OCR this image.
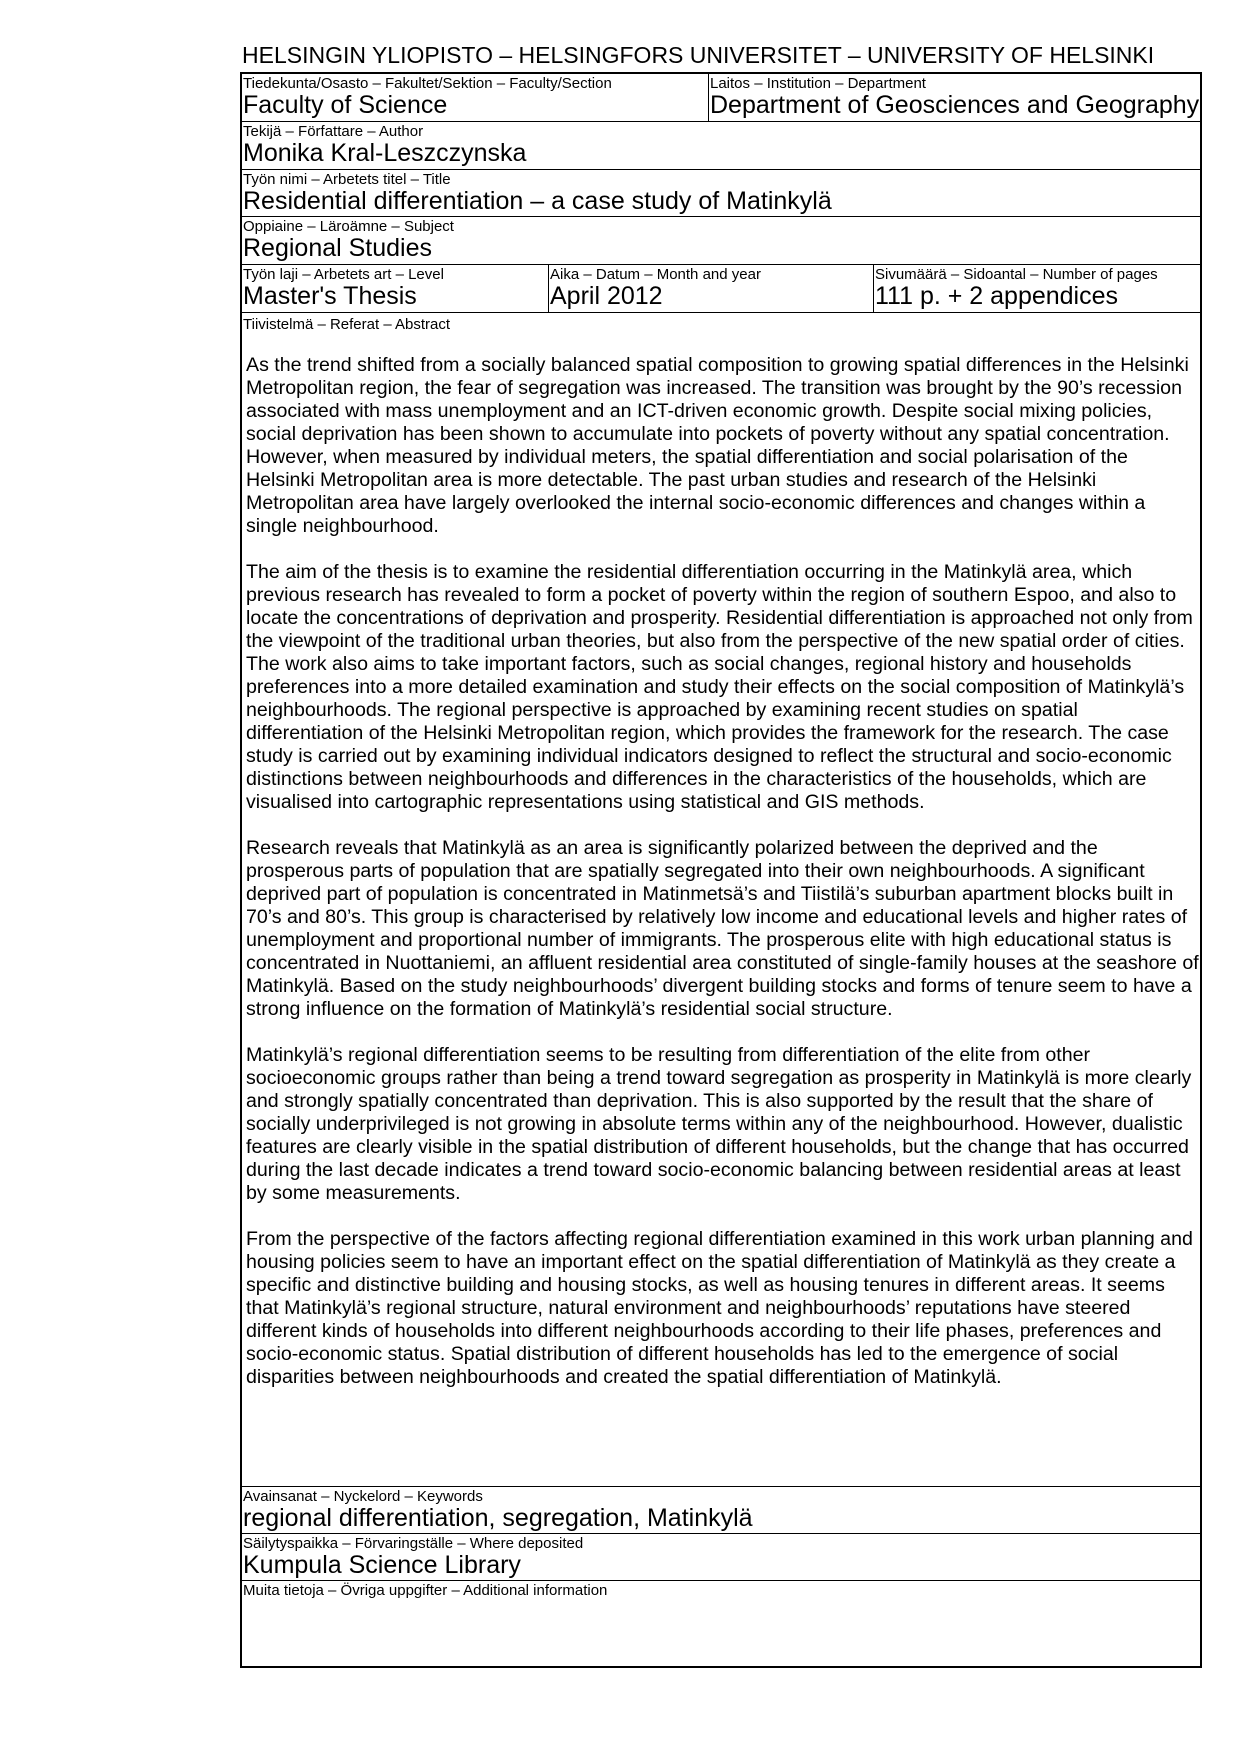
HELSINGIN YLIOPISTO – HELSINGFORS UNIVERSITET – UNIVERSITY OF HELSINKI
Tiedekunta/Osasto – Fakultet/Sektion – Faculty/Section
Faculty of Science
Laitos – Institution – Department
Department of Geosciences and Geography
Tekijä – Författare – Author
Monika Kral-Leszczynska
Työn nimi – Arbetets titel – Title
Residential differentiation – a case study of Matinkylä
Oppiaine – Läroämne – Subject
Regional Studies
Työn laji – Arbetets art – Level
Master's Thesis
Aika – Datum – Month and year
April 2012
Sivumäärä – Sidoantal – Number of pages
111 p. + 2 appendices
Tiivistelmä – Referat – Abstract

As the trend shifted from a socially balanced spatial composition to growing spatial differences in the Helsinki Metropolitan region, the fear of segregation was increased. The transition was brought by the 90’s recession associated with mass unemployment and an ICT-driven economic growth. Despite social mixing policies, social deprivation has been shown to accumulate into pockets of poverty without any spatial concentration. However, when measured by individual meters, the spatial differentiation and social polarisation of the Helsinki Metropolitan area is more detectable. The past urban studies and research of the Helsinki Metropolitan area have largely overlooked the internal socio-economic differences and changes within a single neighbourhood.

The aim of the thesis is to examine the residential differentiation occurring in the Matinkylä area, which previous research has revealed to form a pocket of poverty within the region of southern Espoo, and also to locate the concentrations of deprivation and prosperity. Residential differentiation is approached not only from the viewpoint of the traditional urban theories, but also from the perspective of the new spatial order of cities. The work also aims to take important factors, such as social changes, regional history and households preferences into a more detailed examination and study their effects on the social composition of Matinkylä’s neighbourhoods. The regional perspective is approached by examining recent studies on spatial differentiation of the Helsinki Metropolitan region, which provides the framework for the research. The case study is carried out by examining individual indicators designed to reflect the structural and socio-economic distinctions between neighbourhoods and differences in the characteristics of the households, which are visualised into cartographic representations using statistical and GIS methods.

Research reveals that Matinkylä as an area is significantly polarized between the deprived and the prosperous parts of population that are spatially segregated into their own neighbourhoods. A significant deprived part of population is concentrated in Matinmetsä’s and Tiistilä’s suburban apartment blocks built in 70’s and 80’s. This group is characterised by relatively low income and educational levels and higher rates of unemployment and proportional number of immigrants. The prosperous elite with high educational status is concentrated in Nuottaniemi, an affluent residential area constituted of single-family houses at the seashore of Matinkylä. Based on the study neighbourhoods’ divergent building stocks and forms of tenure seem to have a strong influence on the formation of Matinkylä’s residential social structure.

Matinkylä’s regional differentiation seems to be resulting from differentiation of the elite from other socioeconomic groups rather than being a trend toward segregation as prosperity in Matinkylä is more clearly and strongly spatially concentrated than deprivation. This is also supported by the result that the share of socially underprivileged is not growing in absolute terms within any of the neighbourhood. However, dualistic features are clearly visible in the spatial distribution of different households, but the change that has occurred during the last decade indicates a trend toward socio-economic balancing between residential areas at least by some measurements.

From the perspective of the factors affecting regional differentiation examined in this work urban planning and housing policies seem to have an important effect on the spatial differentiation of Matinkylä as they create a specific and distinctive building and housing stocks, as well as housing tenures in different areas. It seems that Matinkylä’s regional structure, natural environment and neighbourhoods’ reputations have steered different kinds of households into different neighbourhoods according to their life phases, preferences and socio-economic status. Spatial distribution of different households has led to the emergence of social disparities between neighbourhoods and created the spatial differentiation of Matinkylä.

Avainsanat – Nyckelord – Keywords
regional differentiation, segregation, Matinkylä
Säilytyspaikka – Förvaringställe – Where deposited
Kumpula Science Library
Muita tietoja – Övriga uppgifter – Additional information
